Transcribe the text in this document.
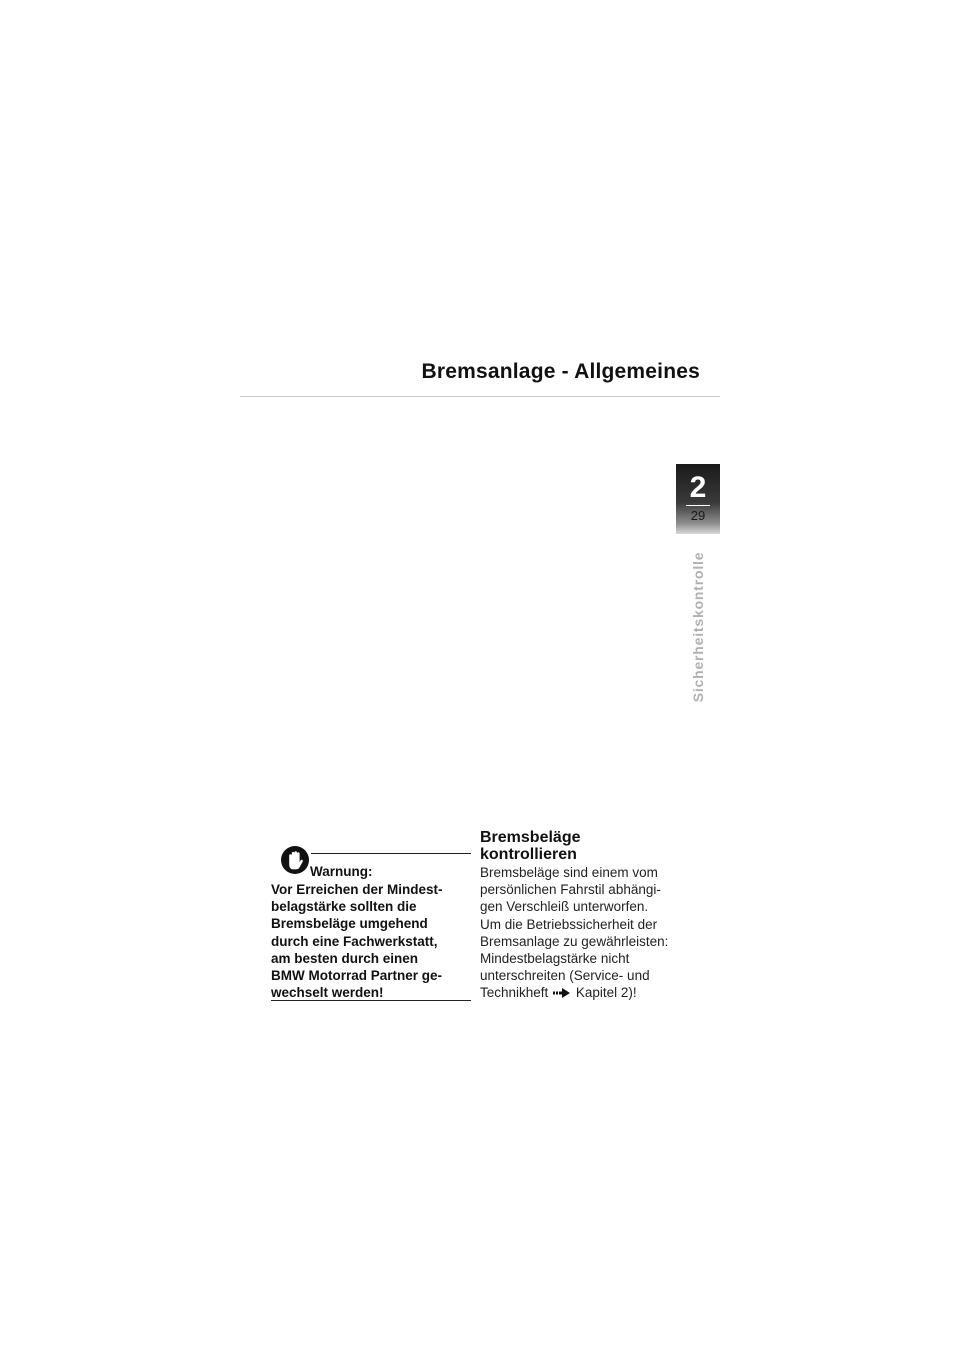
Bremsanlage - Allgemeines
2
29
Sicherheitskontrolle
Warnung:
Vor Erreichen der Mindest-
belagstärke sollten die
Bremsbeläge umgehend
durch eine Fachwerkstatt,
am besten durch einen
BMW Motorrad Partner ge-
wechselt werden!
Bremsbeläge
kontrollieren
Bremsbeläge sind einem vom
persönlichen Fahrstil abhängi-
gen Verschleiß unterworfen.
Um die Betriebssicherheit der
Bremsanlage zu gewährleisten:
Mindestbelagstärke nicht
unterschreiten (Service- und
Technikheft Kapitel 2)!
